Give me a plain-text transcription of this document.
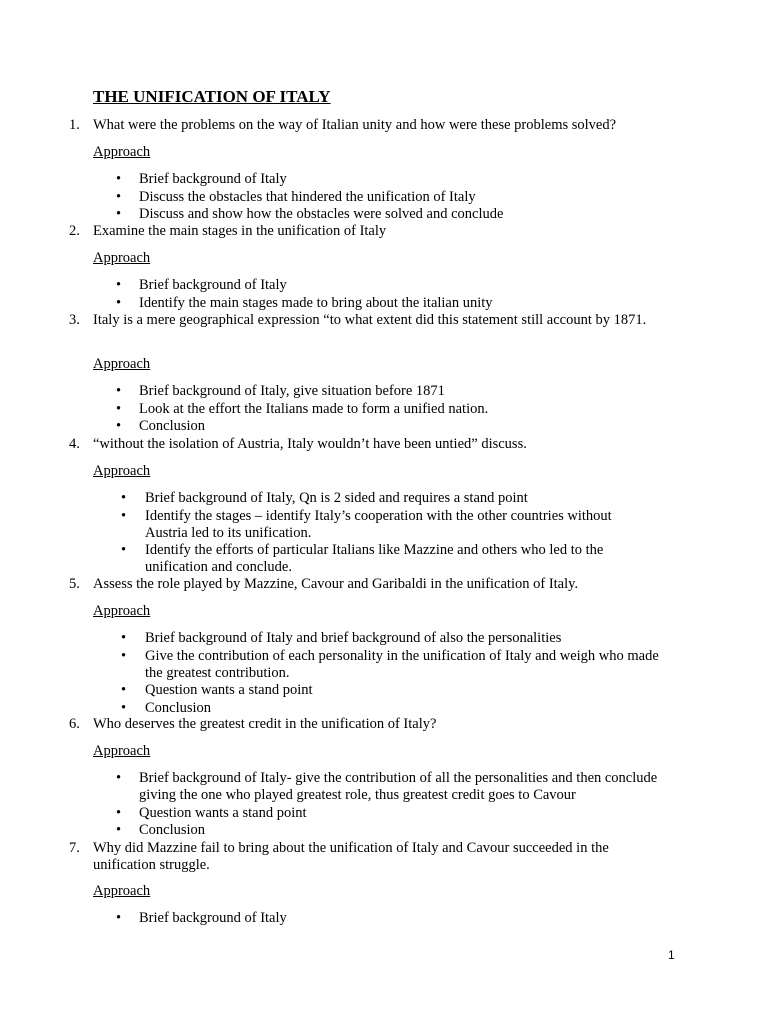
THE UNIFICATION OF ITALY
1. What were the problems on the way of Italian unity and how were these problems solved?
Approach
• Brief background of Italy
• Discuss the obstacles that hindered the unification of Italy
• Discuss and show how the obstacles were solved and conclude
2. Examine the main stages in the unification of Italy
Approach
• Brief background of Italy
• Identify the main stages made to bring about the italian unity
3. Italy is a mere geographical expression “to what extent did this statement still account by 1871.
Approach
• Brief background of Italy, give situation before 1871
• Look at the effort the Italians made to form a unified nation.
• Conclusion
4. “without the isolation of Austria, Italy wouldn’t have been untied” discuss.
Approach
• Brief background of Italy, Qn is 2 sided and requires a stand point
• Identify the stages – identify Italy’s cooperation with the other countries without Austria led to its unification.
• Identify the efforts of particular Italians like Mazzine and others who led to the unification and conclude.
5. Assess the role played by Mazzine, Cavour and Garibaldi in the unification of Italy.
Approach
• Brief background of Italy and brief background of also the personalities
• Give the contribution of each personality in the unification of Italy and weigh who made the greatest contribution.
• Question wants a stand point
• Conclusion
6. Who deserves the greatest credit in the unification of Italy?
Approach
• Brief background of Italy- give the contribution of all the personalities and then conclude giving the one who played greatest role, thus greatest credit goes to Cavour
• Question wants a stand point
• Conclusion
7. Why did Mazzine fail to bring about the unification of Italy and Cavour succeeded in the unification struggle.
Approach
• Brief background of Italy
1
